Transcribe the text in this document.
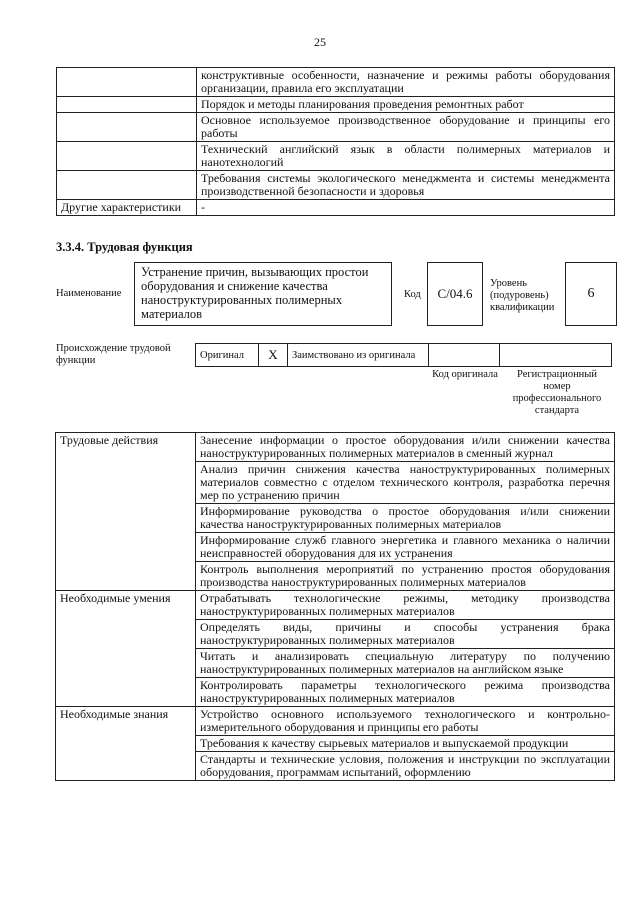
25
	конструктивные особенности, назначение и режимы работы оборудования организации, правила его эксплуатации
	Порядок и методы планирования проведения ремонтных работ
	Основное используемое производственное оборудование и принципы его работы
	Технический английский язык в области полимерных материалов и нанотехнологий
	Требования системы экологического менеджмента и системы менеджмента производственной безопасности и здоровья
Другие характеристики	-
3.3.4. Трудовая функция
Наименование
Устранение причин, вызывающих простои оборудования и снижение качества наноструктурированных полимерных материалов
Код	C/04.6
Уровень (подуровень) квалификации
6
Происхождение трудовой функции	Оригинал	X	Заимствовано из оригинала		
Код оригинала	Регистрационный номер профессионального стандарта
Трудовые действия	Занесение информации о простое оборудования и/или снижении качества наноструктурированных полимерных материалов в сменный журнал
	Анализ причин снижения качества наноструктурированных полимерных материалов совместно с отделом технического контроля, разработка перечня мер по устранению причин
	Информирование руководства о простое оборудования и/или снижении качества наноструктурированных полимерных материалов
	Информирование служб главного энергетика и главного механика о наличии неисправностей оборудования для их устранения
	Контроль выполнения мероприятий по устранению простоя оборудования производства наноструктурированных полимерных материалов
Необходимые умения	Отрабатывать технологические режимы, методику производства наноструктурированных полимерных материалов
	Определять виды, причины и способы устранения брака наноструктурированных полимерных материалов
	Читать и анализировать специальную литературу по получению наноструктурированных полимерных материалов на английском языке
	Контролировать параметры технологического режима производства наноструктурированных полимерных материалов
Необходимые знания	Устройство основного используемого технологического и контрольно-измерительного оборудования и принципы его работы
	Требования к качеству сырьевых материалов и выпускаемой продукции
	Стандарты и технические условия, положения и инструкции по эксплуатации оборудования, программам испытаний, оформлению
